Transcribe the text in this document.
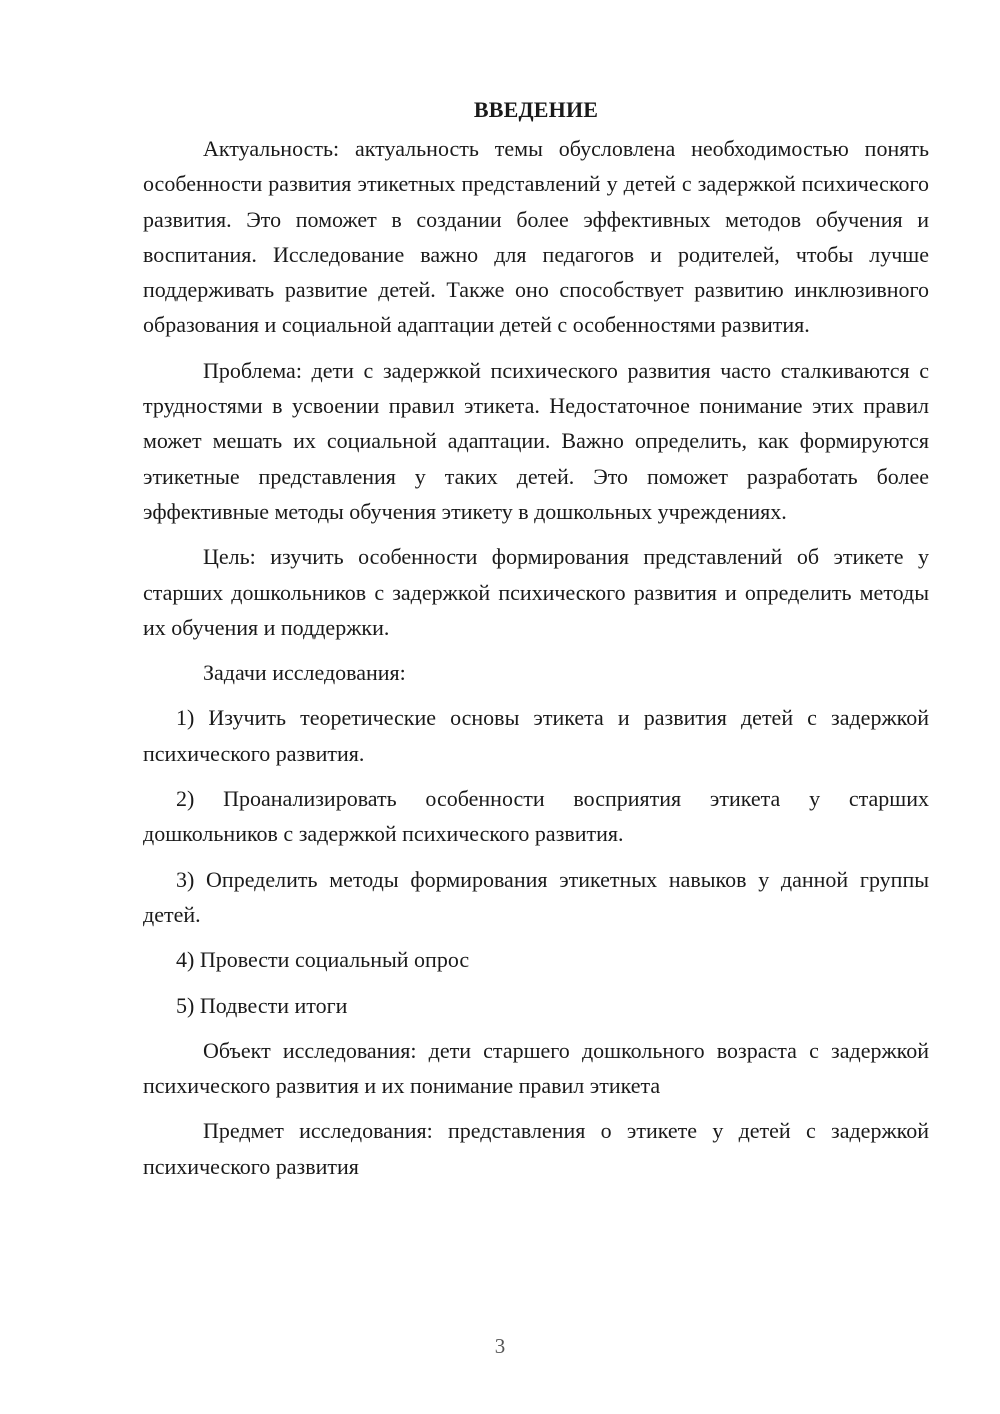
ВВЕДЕНИЕ

Актуальность: актуальность темы обусловлена необходимостью понять особенности развития этикетных представлений у детей с задержкой психического развития. Это поможет в создании более эффективных методов обучения и воспитания. Исследование важно для педагогов и родителей, чтобы лучше поддерживать развитие детей. Также оно способствует развитию инклюзивного образования и социальной адаптации детей с особенностями развития.

Проблема: дети с задержкой психического развития часто сталкиваются с трудностями в усвоении правил этикета. Недостаточное понимание этих правил может мешать их социальной адаптации. Важно определить, как формируются этикетные представления у таких детей. Это поможет разработать более эффективные методы обучения этикету в дошкольных учреждениях.

Цель: изучить особенности формирования представлений об этикете у старших дошкольников с задержкой психического развития и определить методы их обучения и поддержки.

Задачи исследования:

1) Изучить теоретические основы этикета и развития детей с задержкой психического развития.

2) Проанализировать особенности восприятия этикета у старших дошкольников с задержкой психического развития.

3) Определить методы формирования этикетных навыков у данной группы детей.

4) Провести социальный опрос

5) Подвести итоги

Объект исследования: дети старшего дошкольного возраста с задержкой психического развития и их понимание правил этикета

Предмет исследования: представления о этикете у детей с задержкой психического развития

3
